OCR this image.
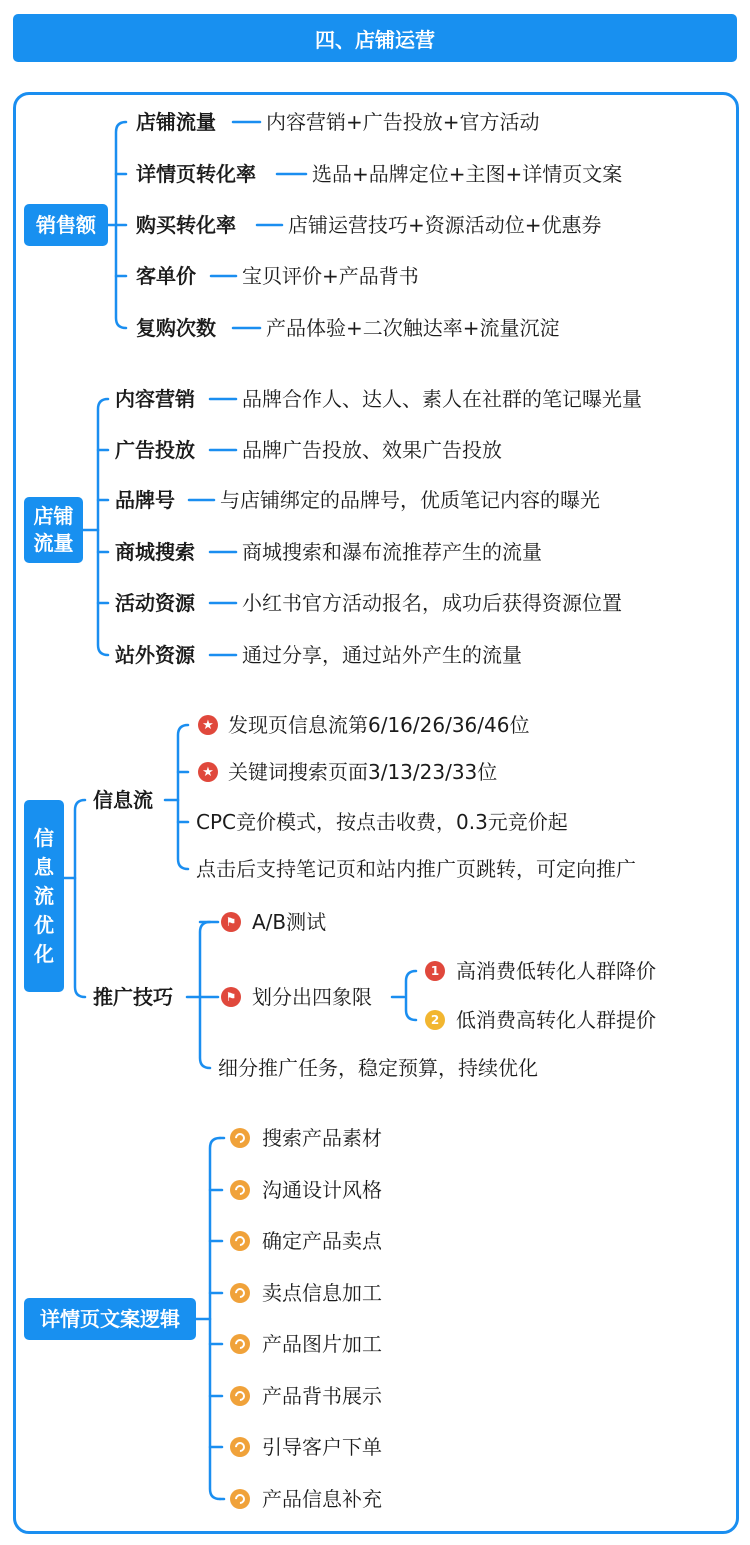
四、店铺运营
销售额
店铺流量	内容营销+广告投放+官方活动
详情页转化率	选品+品牌定位+主图+详情页文案
购买转化率	店铺运营技巧+资源活动位+优惠券
客单价 宝贝评价+产品背书
复购次数	产品体验+二次触达率+流量沉淀
店铺流量
内容营销 品牌合作人、达人、素人在社群的笔记曝光量
广告投放 品牌广告投放、效果广告投放
品牌号 与店铺绑定的品牌号，优质笔记内容的曝光
商城搜索 商城搜索和瀑布流推荐产生的流量
活动资源 小红书官方活动报名，成功后获得资源位置
站外资源 通过分享，通过站外产生的流量
信息流优化
信息流
★
发现页信息流第6/16/26/36/46位
★
关键词搜索页面3/13/23/33位
CPC竞价模式，按点击收费，0.3元竞价起
点击后支持笔记页和站内推广页跳转，可定向推广
推广技巧
⚑
A/B测试
⚑
划分出四象限
1 高消费低转化人群降价
2 低消费高转化人群提价
细分推广任务，稳定预算，持续优化
详情页文案逻辑
搜索产品素材
沟通设计风格
确定产品卖点
卖点信息加工
产品图片加工
产品背书展示
引导客户下单
产品信息补充
